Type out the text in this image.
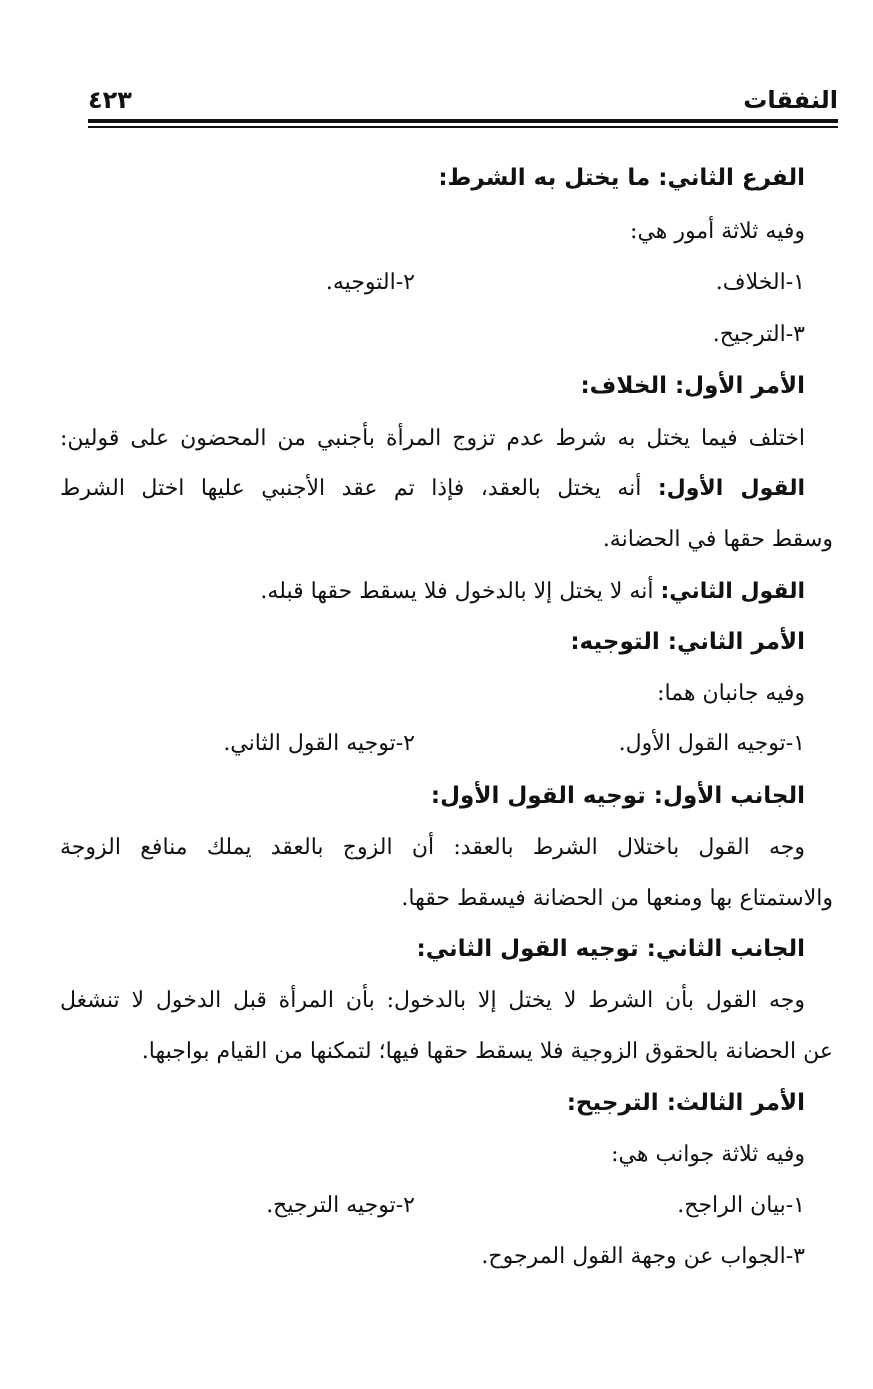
النفقات
٤٢٣
الفرع الثاني: ما يختل به الشرط:
وفيه ثلاثة أمور هي:
١-الخلاف.
٢-التوجيه.
٣-الترجيح.
الأمر الأول: الخلاف:
اختلف فيما يختل به شرط عدم تزوج المرأة بأجنبي من المحضون على قولين:
القول الأول: أنه يختل بالعقد، فإذا تم عقد الأجنبي عليها اختل الشرط
وسقط حقها في الحضانة.
القول الثاني: أنه لا يختل إلا بالدخول فلا يسقط حقها قبله.
الأمر الثاني: التوجيه:
وفيه جانبان هما:
١-توجيه القول الأول.
٢-توجيه القول الثاني.
الجانب الأول: توجيه القول الأول:
وجه القول باختلال الشرط بالعقد: أن الزوج بالعقد يملك منافع الزوجة
والاستمتاع بها ومنعها من الحضانة فيسقط حقها.
الجانب الثاني: توجيه القول الثاني:
وجه القول بأن الشرط لا يختل إلا بالدخول: بأن المرأة قبل الدخول لا تنشغل
عن الحضانة بالحقوق الزوجية فلا يسقط حقها فيها؛ لتمكنها من القيام بواجبها.
الأمر الثالث: الترجيح:
وفيه ثلاثة جوانب هي:
١-بيان الراجح.
٢-توجيه الترجيح.
٣-الجواب عن وجهة القول المرجوح.
